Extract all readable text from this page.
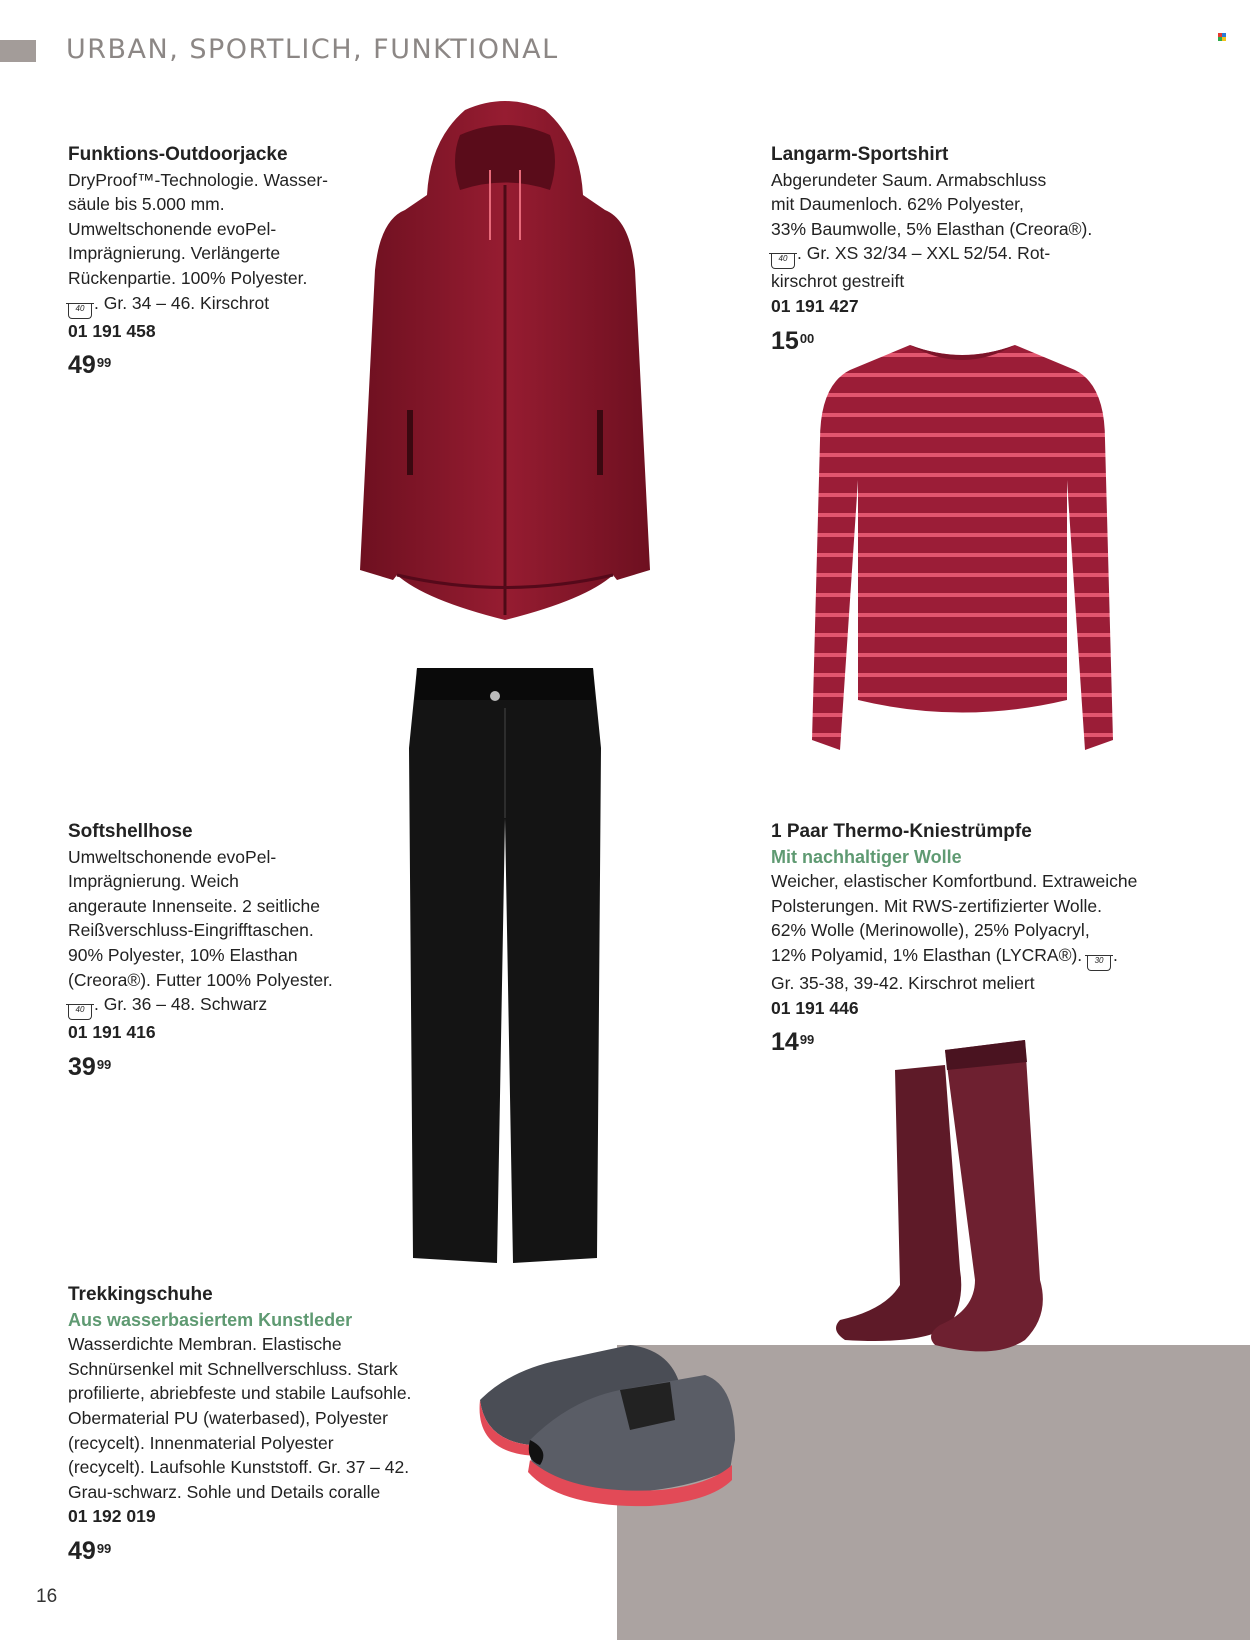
URBAN, SPORTLICH, FUNKTIONAL
Funktions-Outdoorjacke
DryProof™-Technologie. Wasser-
säule bis 5.000 mm.
Umweltschonende evoPel-
Imprägnierung. Verlängerte
Rückenpartie. 100% Polyester.
40 . Gr. 34 – 46. Kirschrot
01 191 458
$49^{99}$
Langarm-Sportshirt
Abgerundeter Saum. Armabschluss
mit Daumenloch. 62% Polyester,
33% Baumwolle, 5% Elasthan (Creora®).
40 . Gr. XS 32/34 – XXL 52/54. Rot-
kirschrot gestreift
01 191 427
$15^{00}$
Softshellhose
Umweltschonende evoPel-
Imprägnierung. Weich
angeraute Innenseite. 2 seitliche
Reißverschluss-Eingrifftaschen.
90% Polyester, 10% Elasthan
(Creora®). Futter 100% Polyester.
40 . Gr. 36 – 48. Schwarz
01 191 416
$39^{99}$
1 Paar Thermo-Kniestrümpfe
Mit nachhaltiger Wolle
Weicher, elastischer Komfortbund. Extraweiche
Polsterungen. Mit RWS-zertifizierter Wolle.
62% Wolle (Merinowolle), 25% Polyacryl,
12% Polyamid, 1% Elasthan (LYCRA®). 30 .
Gr. 35-38, 39-42. Kirschrot meliert
01 191 446
$14^{99}$
Trekkingschuhe
Aus wasserbasiertem Kunstleder
Wasserdichte Membran. Elastische
Schnürsenkel mit Schnellverschluss. Stark
profilierte, abriebfeste und stabile Laufsohle.
Obermaterial PU (waterbased), Polyester
(recycelt). Innenmaterial Polyester
(recycelt). Laufsohle Kunststoff. Gr. 37 – 42.
Grau-schwarz. Sohle und Details coralle
01 192 019
$49^{99}$
16
